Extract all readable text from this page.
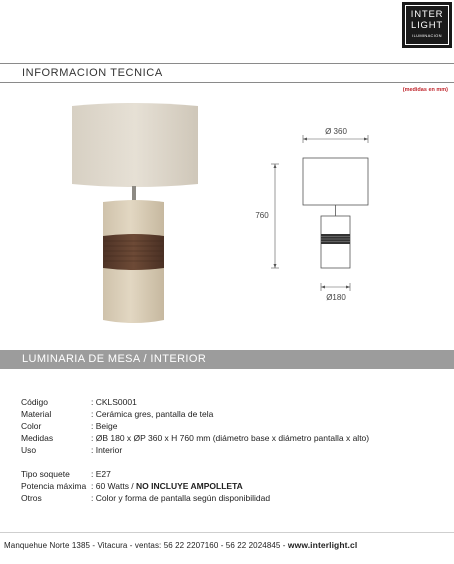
INTER
LIGHT
ILUMINACION
INFORMACION TECNICA
(medidas en mm)
Ø 360
760
Ø180
LUMINARIA DE MESA / INTERIOR
Código	: CKLS0001
Material	: Cerámica gres, pantalla de tela
Color	: Beige
Medidas	: ØB 180 x ØP 360 x H 760 mm (diámetro base x diámetro pantalla x alto)
Uso	: Interior
Tipo soquete : E27
Potencia máxima : 60 Watts / NO INCLUYE AMPOLLETA
Otros	: Color y forma de pantalla según disponibilidad
Manquehue Norte 1385 - Vitacura - ventas: 56 22 2207160 - 56 22 2024845 - www.interlight.cl
